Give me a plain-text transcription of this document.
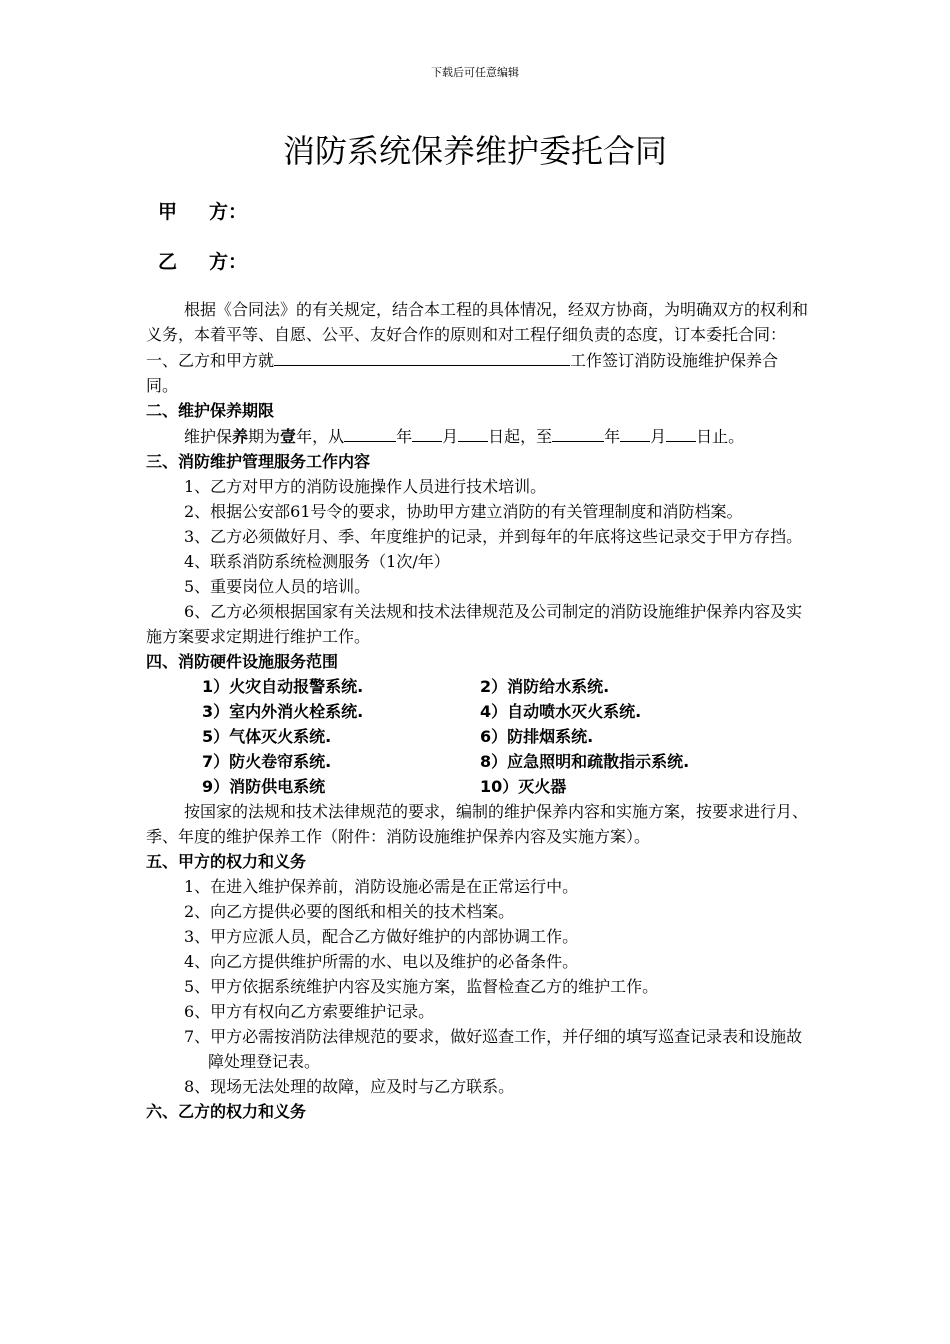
下载后可任意编辑
消防系统保养维护委托合同
甲 方：
乙 方：

根据《合同法》的有关规定，结合本工程的具体情况，经双方协商，为明确双方的权利和义务，本着平等、自愿、公平、友好合作的原则和对工程仔细负责的态度，订本委托合同：

一、乙方和甲方就	工作签订消防设施维护保养合同。

二、维护保养期限

维护保养期为壹年，从	年 月 日起，至	年 月 日止。

三、消防维护管理服务工作内容

1、乙方对甲方的消防设施操作人员进行技术培训。

2、根据公安部61号令的要求，协助甲方建立消防的有关管理制度和消防档案。

3、乙方必须做好月、季、年度维护的记录，并到每年的年底将这些记录交于甲方存挡。

4、联系消防系统检测服务（1次/年）

5、重要岗位人员的培训。

6、乙方必须根据国家有关法规和技术法律规范及公司制定的消防设施维护保养内容及实施方案要求定期进行维护工作。

四、消防硬件设施服务范围

1）火灾自动报警系统.	2）消防给水系统.
3）室内外消火栓系统.	4）自动喷水灭火系统.
5）气体灭火系统.	6）防排烟系统.
7）防火卷帘系统.	8）应急照明和疏散指示系统.
9）消防供电系统	10）灭火器

按国家的法规和技术法律规范的要求，编制的维护保养内容和实施方案，按要求进行月、季、年度的维护保养工作（附件：消防设施维护保养内容及实施方案）。

五、甲方的权力和义务

1、在进入维护保养前，消防设施必需是在正常运行中。

2、向乙方提供必要的图纸和相关的技术档案。

3、甲方应派人员，配合乙方做好维护的内部协调工作。

4、向乙方提供维护所需的水、电以及维护的必备条件。

5、甲方依据系统维护内容及实施方案，监督检查乙方的维护工作。

6、甲方有权向乙方索要维护记录。

7、甲方必需按消防法律规范的要求，做好巡查工作，并仔细的填写巡查记录表和设施故障处理登记表。

8、现场无法处理的故障，应及时与乙方联系。

六、乙方的权力和义务
